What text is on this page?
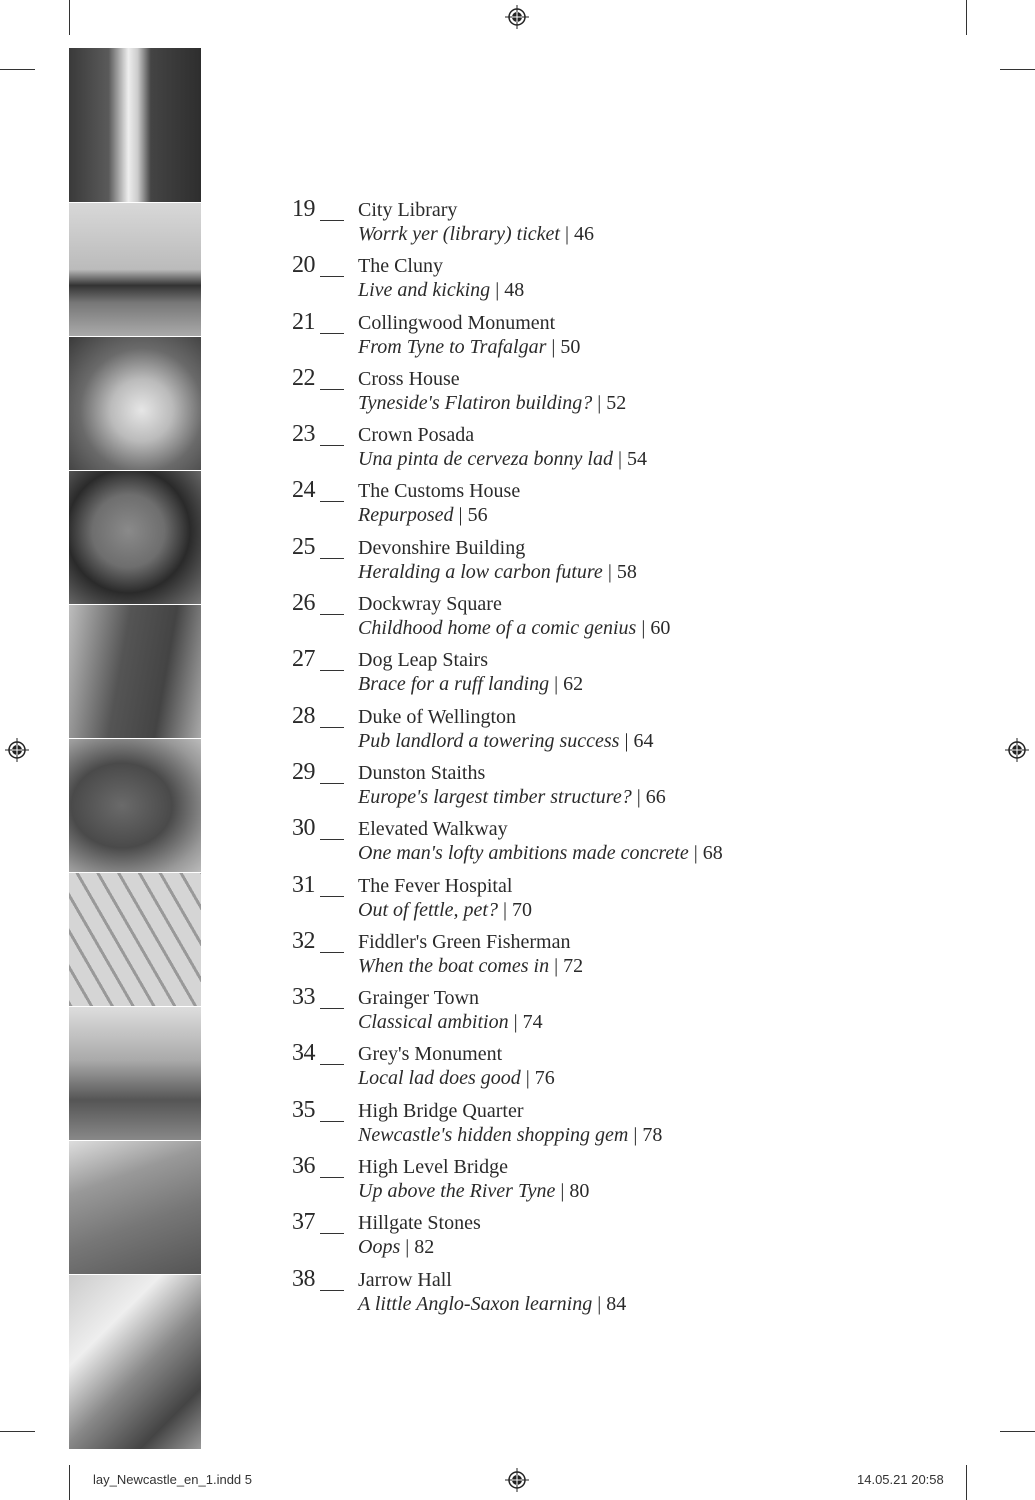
19 City Library
Worrk yer (library) ticket | 46
20 The Cluny
Live and kicking | 48
21 Collingwood Monument
From Tyne to Trafalgar | 50
22 Cross House
Tyneside's Flatiron building? | 52
23 Crown Posada
Una pinta de cerveza bonny lad | 54
24 The Customs House
Repurposed | 56
25 Devonshire Building
Heralding a low carbon future | 58
26 Dockwray Square
Childhood home of a comic genius | 60
27 Dog Leap Stairs
Brace for a ruff landing | 62
28 Duke of Wellington
Pub landlord a towering success | 64
29 Dunston Staiths
Europe's largest timber structure? | 66
30 Elevated Walkway
One man's lofty ambitions made concrete | 68
31 The Fever Hospital
Out of fettle, pet? | 70
32 Fiddler's Green Fisherman
When the boat comes in | 72
33 Grainger Town
Classical ambition | 74
34 Grey's Monument
Local lad does good | 76
35 High Bridge Quarter
Newcastle's hidden shopping gem | 78
36 High Level Bridge
Up above the River Tyne | 80
37 Hillgate Stones
Oops | 82
38 Jarrow Hall
A little Anglo-Saxon learning | 84
lay_Newcastle_en_1.indd 5	14.05.21 20:58
